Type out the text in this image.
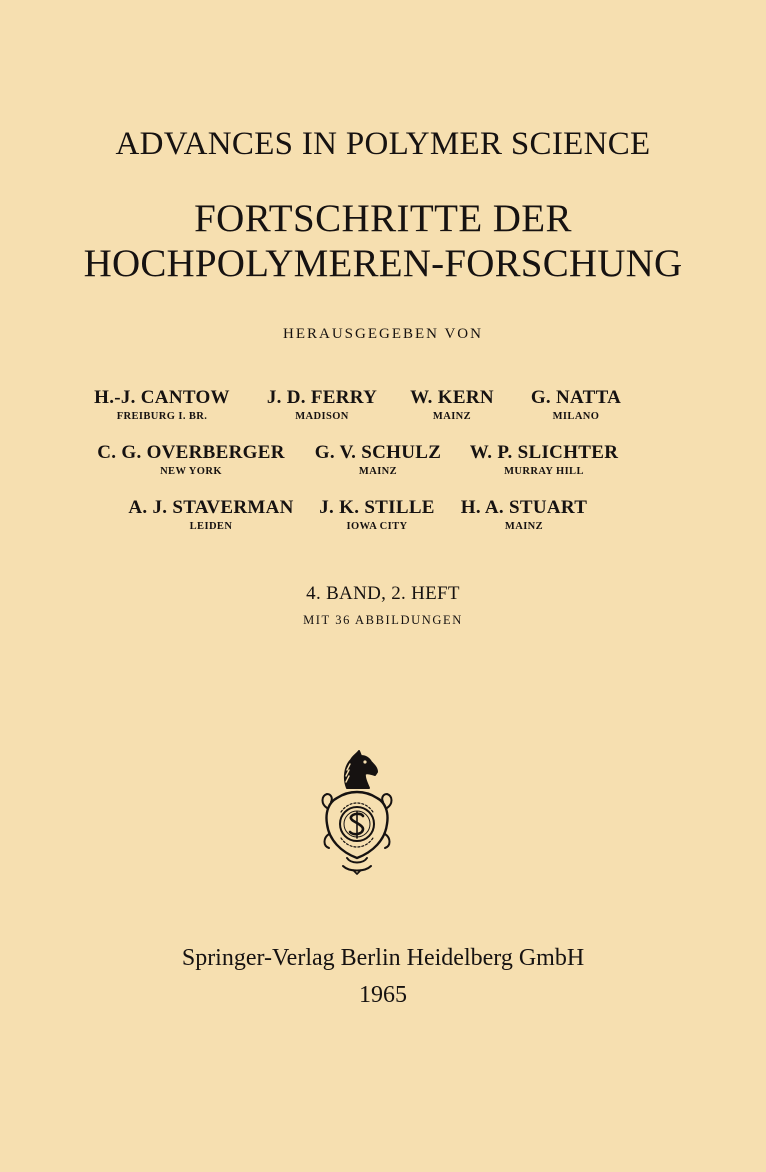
ADVANCES IN POLYMER SCIENCE
FORTSCHRITTE DER
HOCHPOLYMEREN-FORSCHUNG
HERAUSGEGEBEN VON
H.-J. CANTOW
FREIBURG I. BR.
J. D. FERRY
MADISON
W. KERN
MAINZ
G. NATTA
MILANO
C. G. OVERBERGER
NEW YORK
G. V. SCHULZ
MAINZ
W. P. SLICHTER
MURRAY HILL
A. J. STAVERMAN
LEIDEN
J. K. STILLE
IOWA CITY
H. A. STUART
MAINZ
4. BAND, 2. HEFT
MIT 36 ABBILDUNGEN
Springer-Verlag Berlin Heidelberg GmbH
1965
